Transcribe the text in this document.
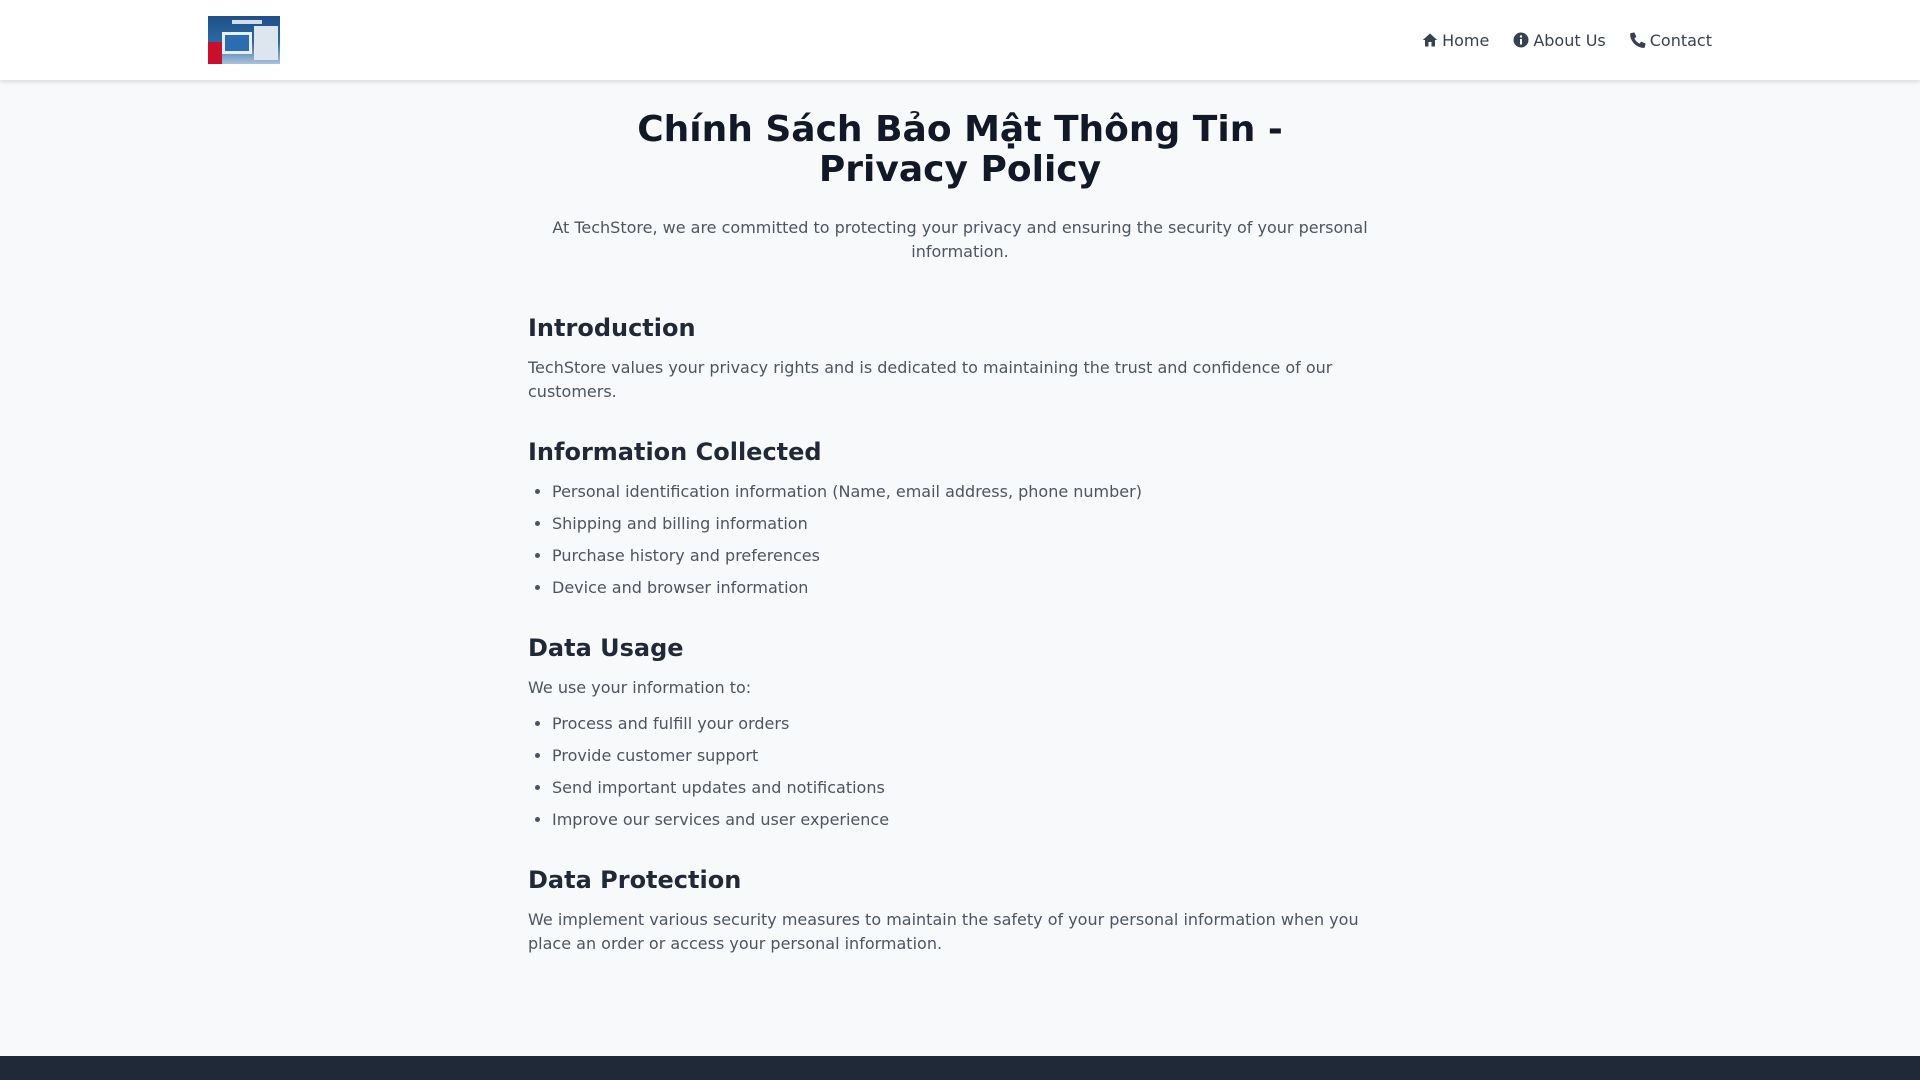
Home	About Us	Contact
Chính Sách Bảo Mật Thông Tin - Privacy Policy

At TechStore, we are committed to protecting your privacy and ensuring the security of your personal information.

Introduction

TechStore values your privacy rights and is dedicated to maintaining the trust and confidence of our customers.

Information Collected
• Personal identification information (Name, email address, phone number)
• Shipping and billing information
• Purchase history and preferences
• Device and browser information
Data Usage

We use your information to:

• Process and fulfill your orders
• Provide customer support
• Send important updates and notifications
• Improve our services and user experience
Data Protection

We implement various security measures to maintain the safety of your personal information when you place an order or access your personal information.
